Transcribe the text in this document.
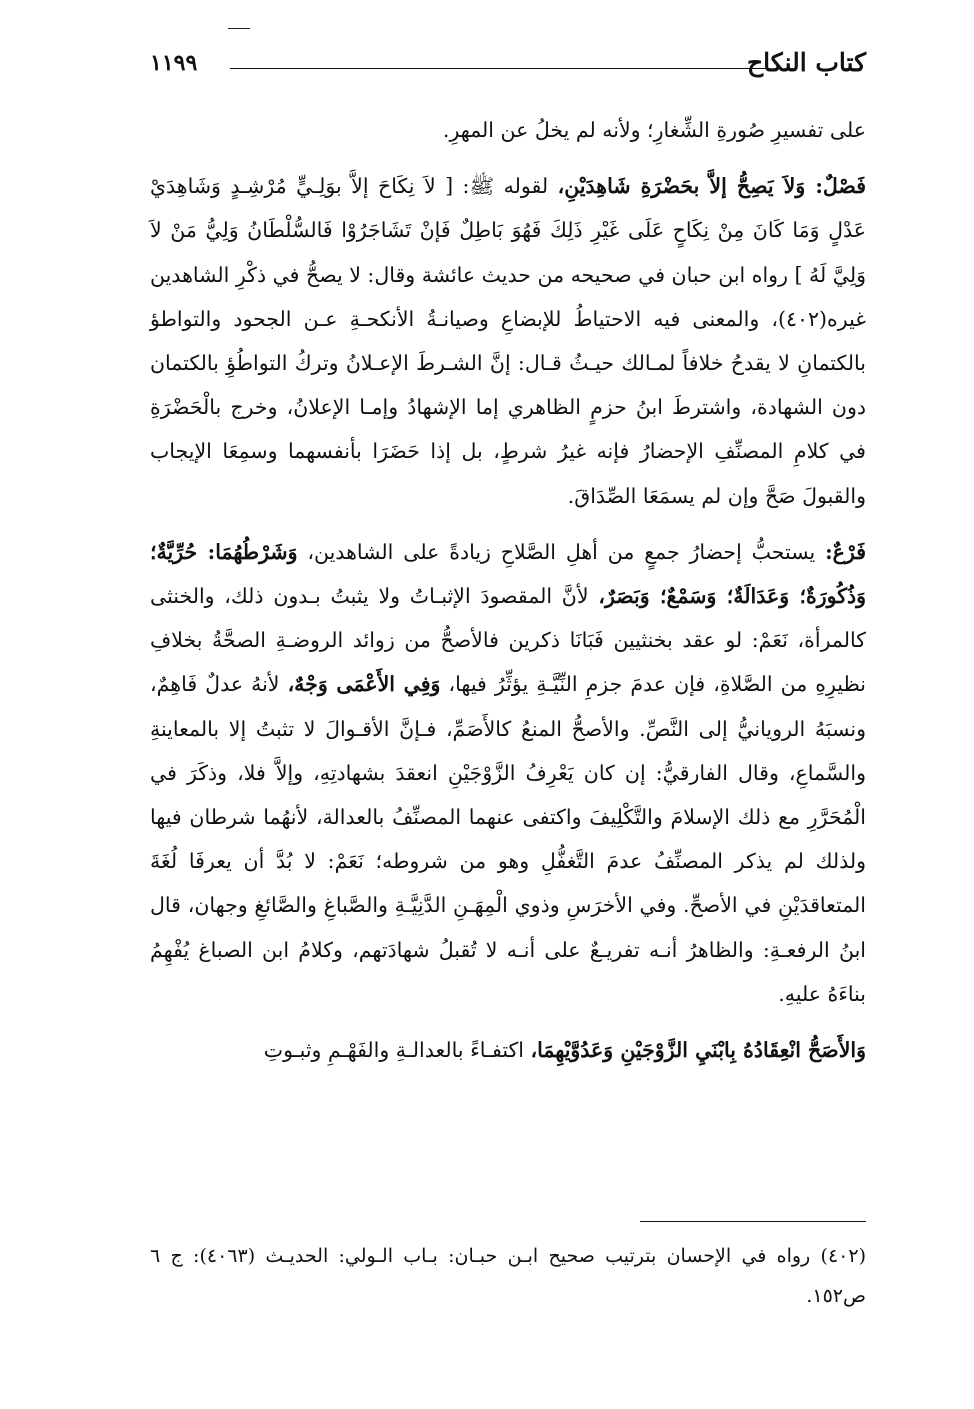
كتاب النكاح
١١٩٩

على تفسيرِ صُورةِ الشِّغارِ؛ ولأنه لم يخلُ عن المهرِ.

فَصْلٌ: وَلاَ يَصِحُّ إلاَّ بحَضْرَةِ شَاهِدَيْنِ، لقوله ﷺ: [ لاَ نِكَاحَ إلاَّ بوَلِـيٍّ مُرْشِـدٍ وَشَاهِدَيْ عَدْلٍ وَمَا كَانَ مِنْ نِكَاحٍ عَلَى غَيْرِ ذَلِكَ فَهُوَ بَاطِلٌ فَإنْ تَشَاجَرُوْا فَالسُّلْطَانُ وَلِيُّ مَنْ لاَ وَلِيَّ لَهُ ] رواه ابن حبان في صحيحه من حديث عائشة وقال: لا يصحُّ في ذكْرِ الشاهدين غيره(٤٠٢)، والمعنى فيه الاحتياطُ للإبضاعِ وصيانـةُ الأنكحـةِ عـن الجحود والتواطؤ بالكتمانِ لا يقدحُ خلافاً لمـالك حيـثُ قـال: إنَّ الشـرطَ الإعـلانُ وتركُ التواطُؤِ بالكتمان دون الشهادة، واشترطَ ابنُ حزمٍ الظاهري إما الإشهادُ وإمـا الإعلانُ، وخرج بالْحَضْرَةِ في كلامِ المصنِّفِ الإحضارُ فإنه غيرُ شرطٍ، بل إذا حَضَرَا بأنفسهما وسمِعَا الإيجاب والقبولَ صَحَّ وإن لم يسمَعَا الصِّدَاقَ.

فَرْعٌ: يستحبُّ إحضارُ جمعٍ من أهلِ الصَّلاحِ زيادةً على الشاهدين، وَشَرْطُهُمَا: حُرِّيَّةٌ؛ وَذُكُورَةٌ؛ وَعَدَالَةٌ؛ وَسَمْعٌ؛ وَبَصَرٌ، لأنَّ المقصودَ الإثبـاتُ ولا يثبتُ بـدون ذلك، والخنثى كالمرأة، نَعَمْ: لو عقد بخنثيين فَبَانَا ذكرين فالأصحُّ من زوائد الروضـةِ الصحَّةُ بخلافِ نظيرِهِ من الصَّلاةِ، فإن عدمَ جزمِ النِّيَّـةِ يؤثِّرُ فيها، وَفِي الأَعْمَى وَجْهٌ، لأنهُ عدلٌ فَاهِمٌ، ونسبَهُ الرويانيُّ إلى النَّصِّ. والأصحُّ المنعُ كالأَصَمِّ، فـإنَّ الأقـوالَ لا تثبتُ إلا بالمعاينةِ والسَّماعِ، وقال الفارقيُّ: إن كان يَعْرِفُ الزَّوْجَيْنِ انعقدَ بشهادتِهِ، وإلاَّ فلا، وذكَرَ في الْمُحَرَّرِ مع ذلك الإسلامَ والتَّكْلِيفَ واكتفى عنهما المصنِّفُ بالعدالة، لأنهُما شرطان فيها ولذلك لم يذكر المصنِّفُ عدمَ التَّغفُّلِ وهو من شروطه؛ نَعَمْ: لا بُدَّ أن يعرفَا لُغَةَ المتعاقدَيْنِ في الأصحِّ. وفي الأخرَسِ وذوي الْمِهَـنِ الدَّنِيَّـةِ والصَّباغِ والصَّائغِ وجهان، قال ابنُ الرفعـةِ: والظاهرُ أنـه تفريـعٌ على أنـه لا تُقبلُ شهادَتهم، وكلامُ ابن الصباغ يُفْهِمُ بناءَهُ عليهِ.

وَالأَصَحُّ انْعِقَادُهُ بِابْنَيِ الزَّوْجَيْنِ وَعَدُوَّيْهِمَا، اكتفـاءً بالعدالـةِ والفَهْـمِ وثبـوتِ

(٤٠٢) رواه في الإحسان بترتيب صحيح ابـن حبـان: بـاب الـولي: الحديـث (٤٠٦٣): ج ٦ ص١٥٢.
